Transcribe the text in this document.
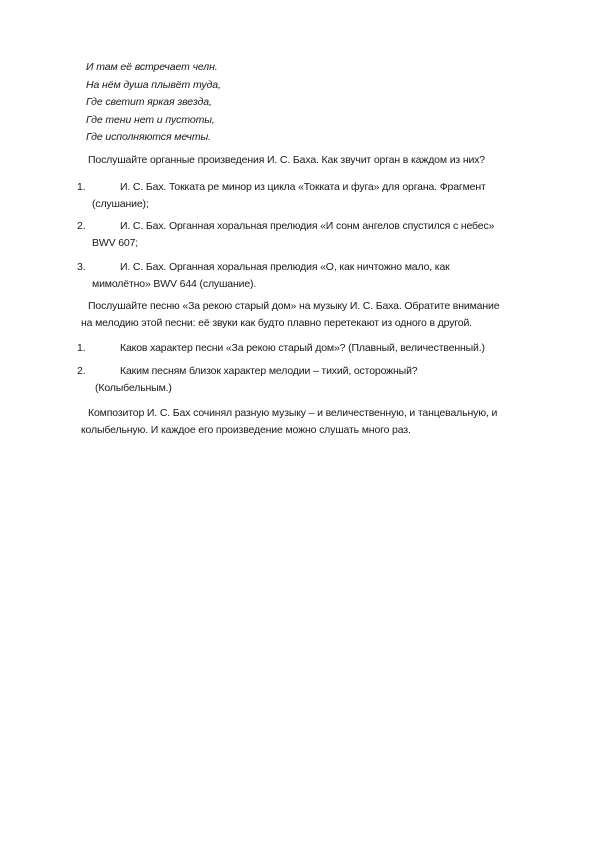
И там её встречает челн.
На нём душа плывёт туда,
Где светит яркая звезда,
Где тени нет и пустоты,
Где исполняются мечты.
Послушайте органные произведения И. С. Баха. Как звучит орган в каждом из них?
1.	И. С. Бах. Токката ре минор из цикла «Токката и фуга» для органа. Фрагмент
(слушание);
2.	И. С. Бах. Органная хоральная прелюдия «И сонм ангелов спустился с небес»
BWV 607;
3.	И. С. Бах. Органная хоральная прелюдия «О, как ничтожно мало, как
мимолётно» BWV 644 (слушание).
Послушайте песню «За рекою старый дом» на музыку И. С. Баха. Обратите внимание
на мелодию этой песни: её звуки как будто плавно перетекают из одного в другой.
1.	Каков характер песни «За рекою старый дом»? (Плавный, величественный.)
2.	Каким песням близок характер мелодии – тихий, осторожный?
(Колыбельным.)
Композитор И. С. Бах сочинял разную музыку – и величественную, и танцевальную, и
колыбельную. И каждое его произведение можно слушать много раз.
